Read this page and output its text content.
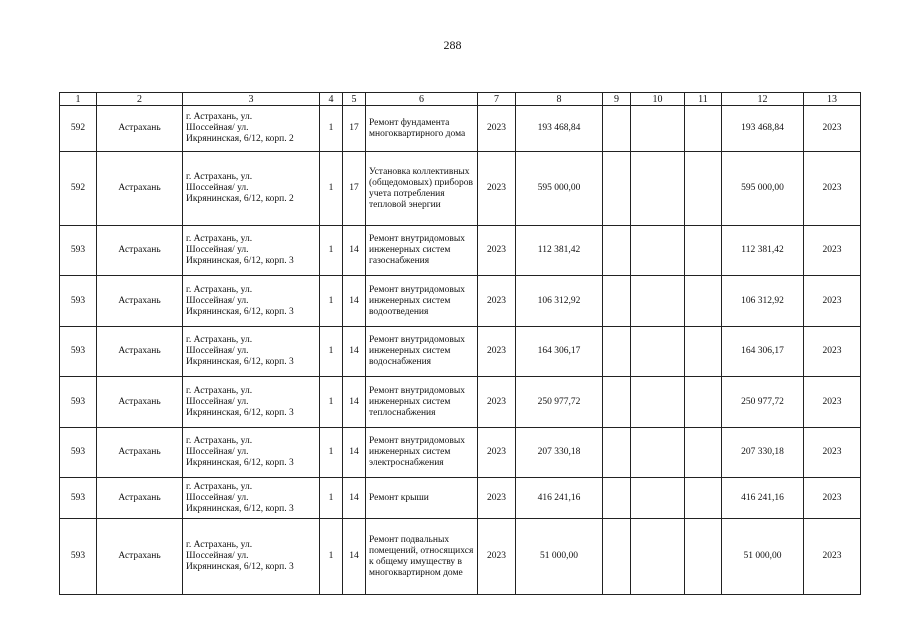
288
1	2	3	4	5	6	7	8	9	10	11	12	13
592	Астрахань	г. Астрахань, ул.
Шоссейная/ ул.
Икрянинская, 6/12, корп. 2	1	17	Ремонт фундамента многоквартирного дома	2023	193 468,84				193 468,84	2023
592	Астрахань	г. Астрахань, ул.
Шоссейная/ ул.
Икрянинская, 6/12, корп. 2	1	17	Установка коллективных (общедомовых) приборов учета потребления тепловой энергии	2023	595 000,00				595 000,00	2023
593	Астрахань	г. Астрахань, ул.
Шоссейная/ ул.
Икрянинская, 6/12, корп. 3	1	14	Ремонт внутридомовых инженерных систем газоснабжения	2023	112 381,42				112 381,42	2023
593	Астрахань	г. Астрахань, ул.
Шоссейная/ ул.
Икрянинская, 6/12, корп. 3	1	14	Ремонт внутридомовых инженерных систем водоотведения	2023	106 312,92				106 312,92	2023
593	Астрахань	г. Астрахань, ул.
Шоссейная/ ул.
Икрянинская, 6/12, корп. 3	1	14	Ремонт внутридомовых инженерных систем водоснабжения	2023	164 306,17				164 306,17	2023
593	Астрахань	г. Астрахань, ул.
Шоссейная/ ул.
Икрянинская, 6/12, корп. 3	1	14	Ремонт внутридомовых инженерных систем теплоснабжения	2023	250 977,72				250 977,72	2023
593	Астрахань	г. Астрахань, ул.
Шоссейная/ ул.
Икрянинская, 6/12, корп. 3	1	14	Ремонт внутридомовых инженерных систем электроснабжения	2023	207 330,18				207 330,18	2023
593	Астрахань	г. Астрахань, ул.
Шоссейная/ ул.
Икрянинская, 6/12, корп. 3	1	14	Ремонт крыши	2023	416 241,16				416 241,16	2023
593	Астрахань	г. Астрахань, ул.
Шоссейная/ ул.
Икрянинская, 6/12, корп. 3	1	14	Ремонт подвальных помещений, относящихся к общему имуществу в многоквартирном доме	2023	51 000,00				51 000,00	2023
